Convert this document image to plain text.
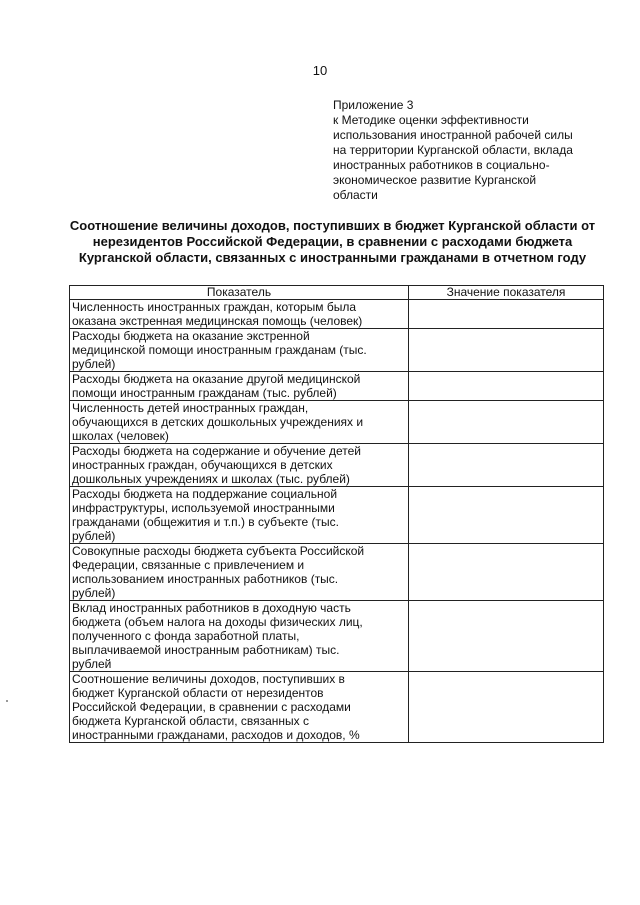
10
Приложение 3
к Методике оценки эффективности
использования иностранной рабочей силы
на территории Курганской области, вклада
иностранных работников в социально-
экономическое развитие Курганской
области
Соотношение величины доходов, поступивших в бюджет Курганской области от
нерезидентов Российской Федерации, в сравнении с расходами бюджета
Курганской области, связанных с иностранными гражданами в отчетном году
Показатель	Значение показателя

Численность иностранных граждан, которым была
оказана экстренная медицинская помощь (человек)	

Расходы бюджета на оказание экстренной
медицинской помощи иностранным гражданам (тыс.
рублей)	

Расходы бюджета на оказание другой медицинской
помощи иностранным гражданам (тыс. рублей)	

Численность детей иностранных граждан,
обучающихся в детских дошкольных учреждениях и
школах (человек)	

Расходы бюджета на содержание и обучение детей
иностранных граждан, обучающихся в детских
дошкольных учреждениях и школах (тыс. рублей)	

Расходы бюджета на поддержание социальной
инфраструктуры, используемой иностранными
гражданами (общежития и т.п.) в субъекте (тыс.
рублей)	

Совокупные расходы бюджета субъекта Российской
Федерации, связанные с привлечением и
использованием иностранных работников (тыс.
рублей)	

Вклад иностранных работников в доходную часть
бюджета (объем налога на доходы физических лиц,
полученного с фонда заработной платы,
выплачиваемой иностранным работникам) тыс.
рублей	

Соотношение величины доходов, поступивших в
бюджет Курганской области от нерезидентов
Российской Федерации, в сравнении с расходами
бюджета Курганской области, связанных с
иностранными гражданами, расходов и доходов, %	
